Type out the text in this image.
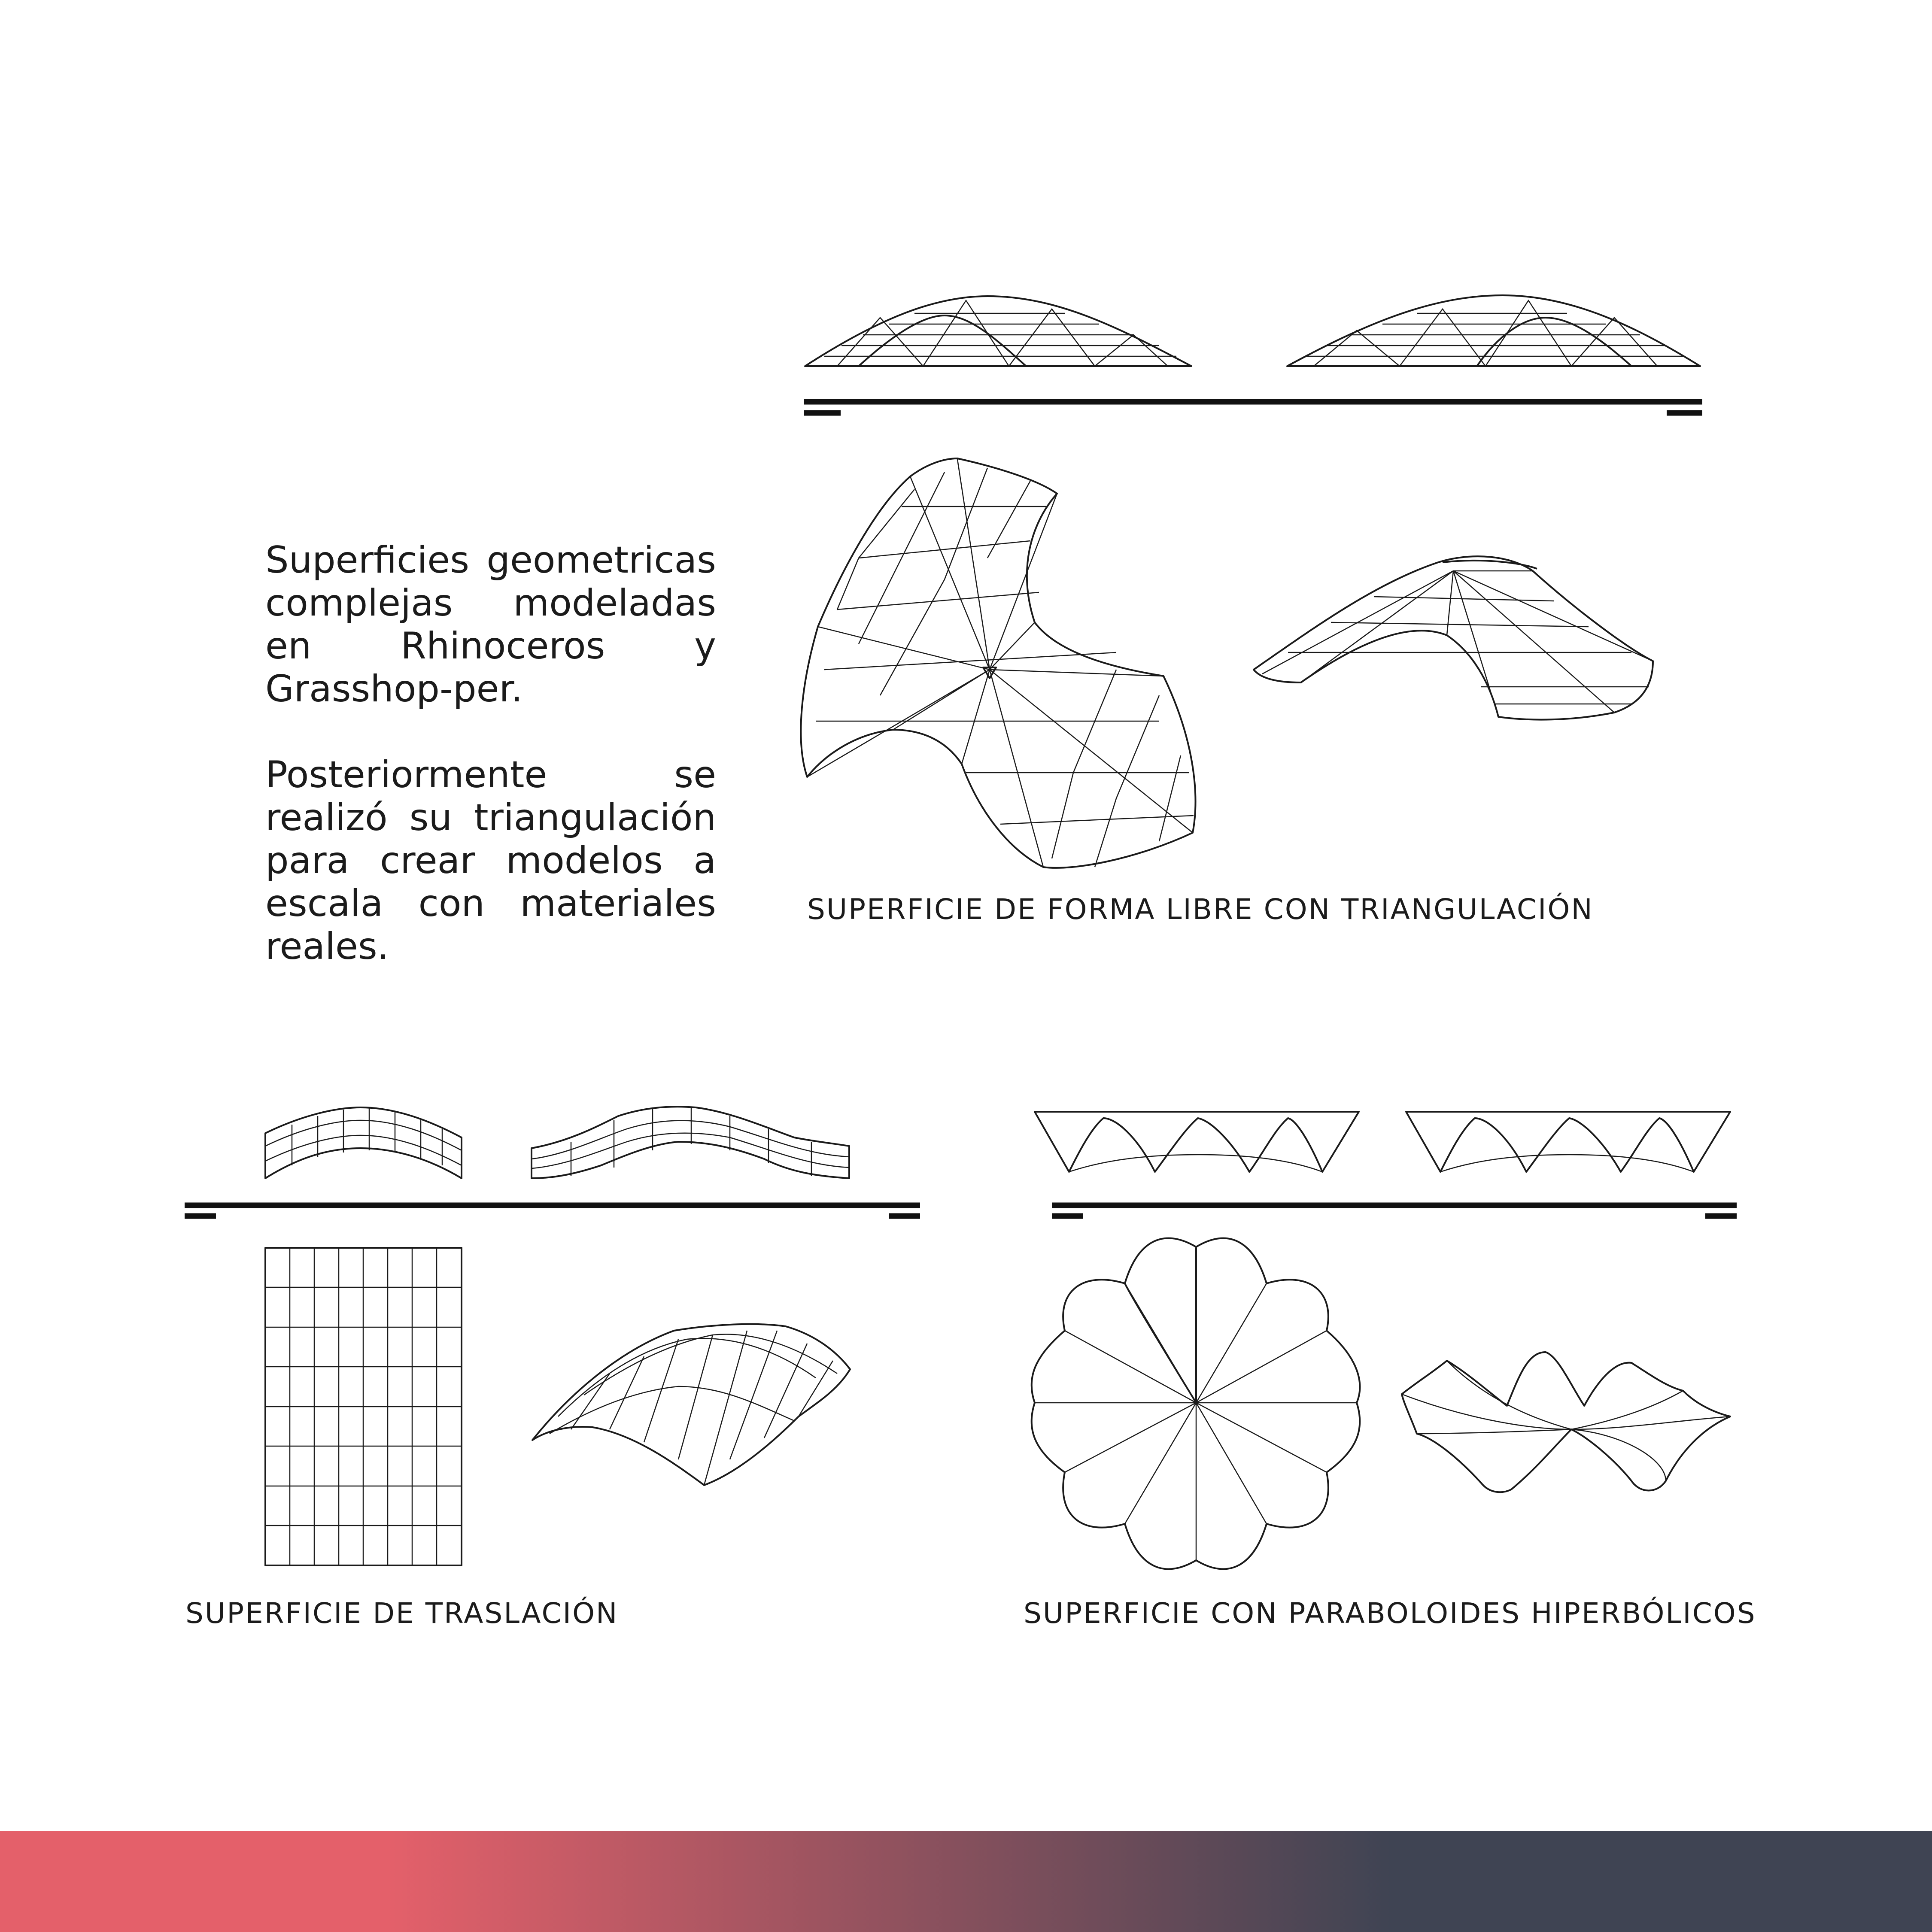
Superficies geometricas complejas modeladas en Rhinoceros y Grasshop-per.

Posteriormente se realizó su triangulación para crear modelos a escala con materiales reales.

SUPERFICIE DE FORMA LIBRE CON TRIANGULACIÓN
SUPERFICIE DE TRASLACIÓN	SUPERFICIE CON PARABOLOIDES HIPERBÓLICOS
